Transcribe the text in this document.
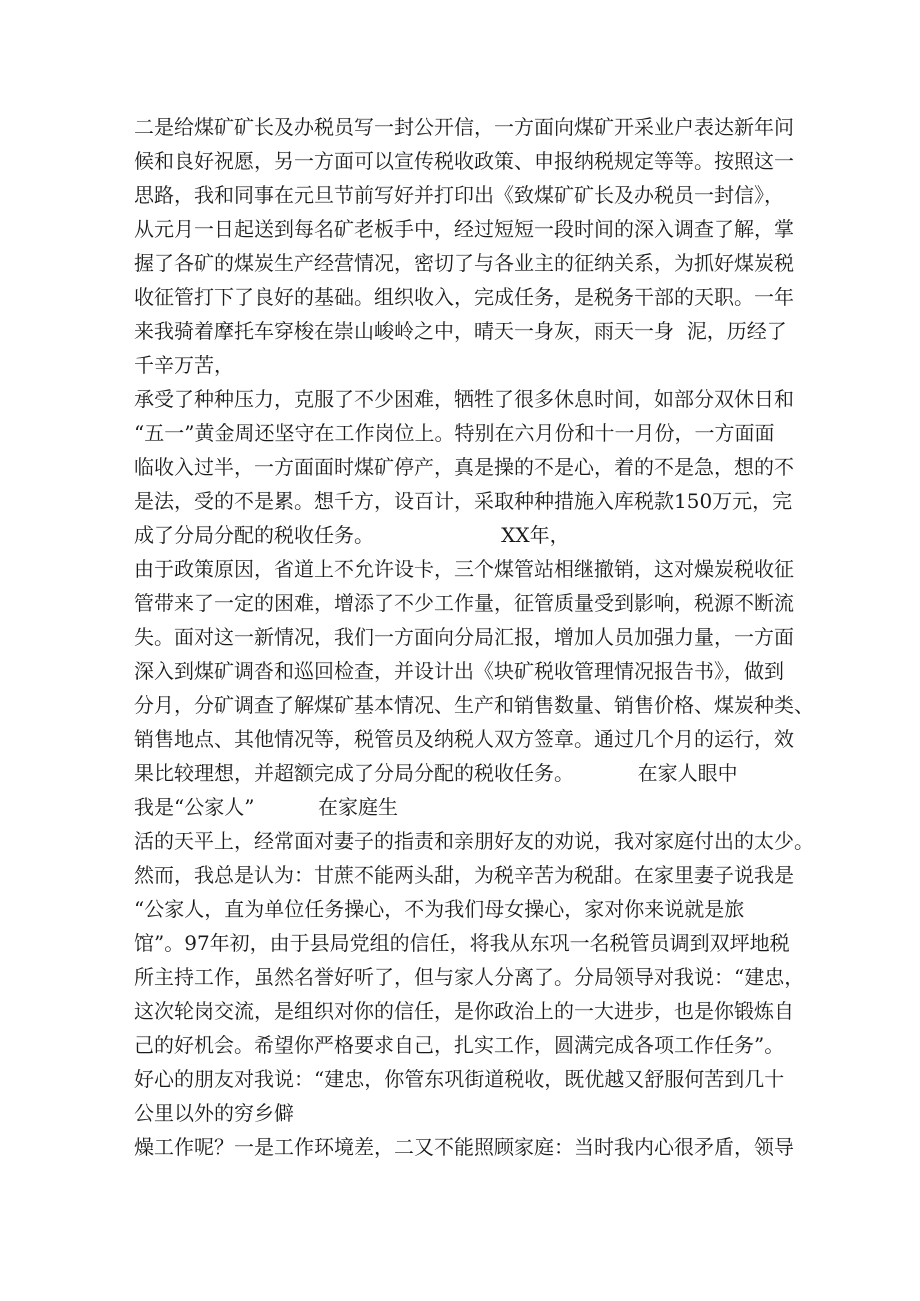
二是给煤矿矿长及办税员写一封公开信，一方面向煤矿开采业户表达新年问
候和良好祝愿，另一方面可以宣传税收政策、申报纳税规定等等。按照这一
思路，我和同事在元旦节前写好并打印出《致煤矿矿长及办税员一封信》，
从元月一日起送到每名矿老板手中，经过短短一段时间的深入调查了解，掌
握了各矿的煤炭生产经营情况，密切了与各业主的征纳关系，为抓好煤炭税
收征管打下了良好的基础。组织收入，完成任务，是税务干部的天职。一年
来我骑着摩托车穿梭在崇山峻岭之中，晴天一身灰，雨天一身  泥，历经了
千辛万苦，
承受了种种压力，克服了不少困难，牺牲了很多休息时间，如部分双休日和
“五一”黄金周还坚守在工作岗位上。特别在六月份和十一月份，一方面面
临收入过半，一方面面时煤矿停产，真是操的不是心，着的不是急，想的不
是法，受的不是累。想千方，设百计，采取种种措施入库税款150万元，完
成了分局分配的税收任务。                    XX年，
由于政策原因，省道上不允许设卡，三个煤管站相继撤销，这对燥炭税收征
管带来了一定的困难，增添了不少工作量，征管质量受到影响，税源不断流
失。面对这一新情况，我们一方面向分局汇报，增加人员加强力量，一方面
深入到煤矿调沓和巡回检查，并设计出《块矿税收管理情况报告书》，做到
分月，分矿调查了解煤矿基本情况、生产和销售数量、销售价格、煤炭种类、
销售地点、其他情况等，税管员及纳税人双方签章。通过几个月的运行，效
果比较理想，并超额完成了分局分配的税收任务。          在家人眼中
我是“公家人”          在家庭生
活的天平上，经常面对妻子的指责和亲朋好友的劝说，我对家庭付出的太少。
然而，我总是认为：甘蔗不能两头甜，为税辛苦为税甜。在家里妻子说我是
“公家人，直为单位任务操心，不为我们母女操心，家对你来说就是旅
馆”。97年初，由于县局党组的信任，将我从东巩一名税管员调到双坪地税
所主持工作，虽然名誉好听了，但与家人分离了。分局领导对我说：“建忠，
这次轮岗交流，是组织对你的信任，是你政治上的一大进步，也是你锻炼自
己的好机会。希望你严格要求自己，扎实工作，圆满完成各项工作任务”。
好心的朋友对我说：“建忠，你管东巩街道税收，既优越又舒服何苦到几十
公里以外的穷乡僻
燥工作呢？一是工作环境差，二又不能照顾家庭：当时我内心很矛盾，领导
